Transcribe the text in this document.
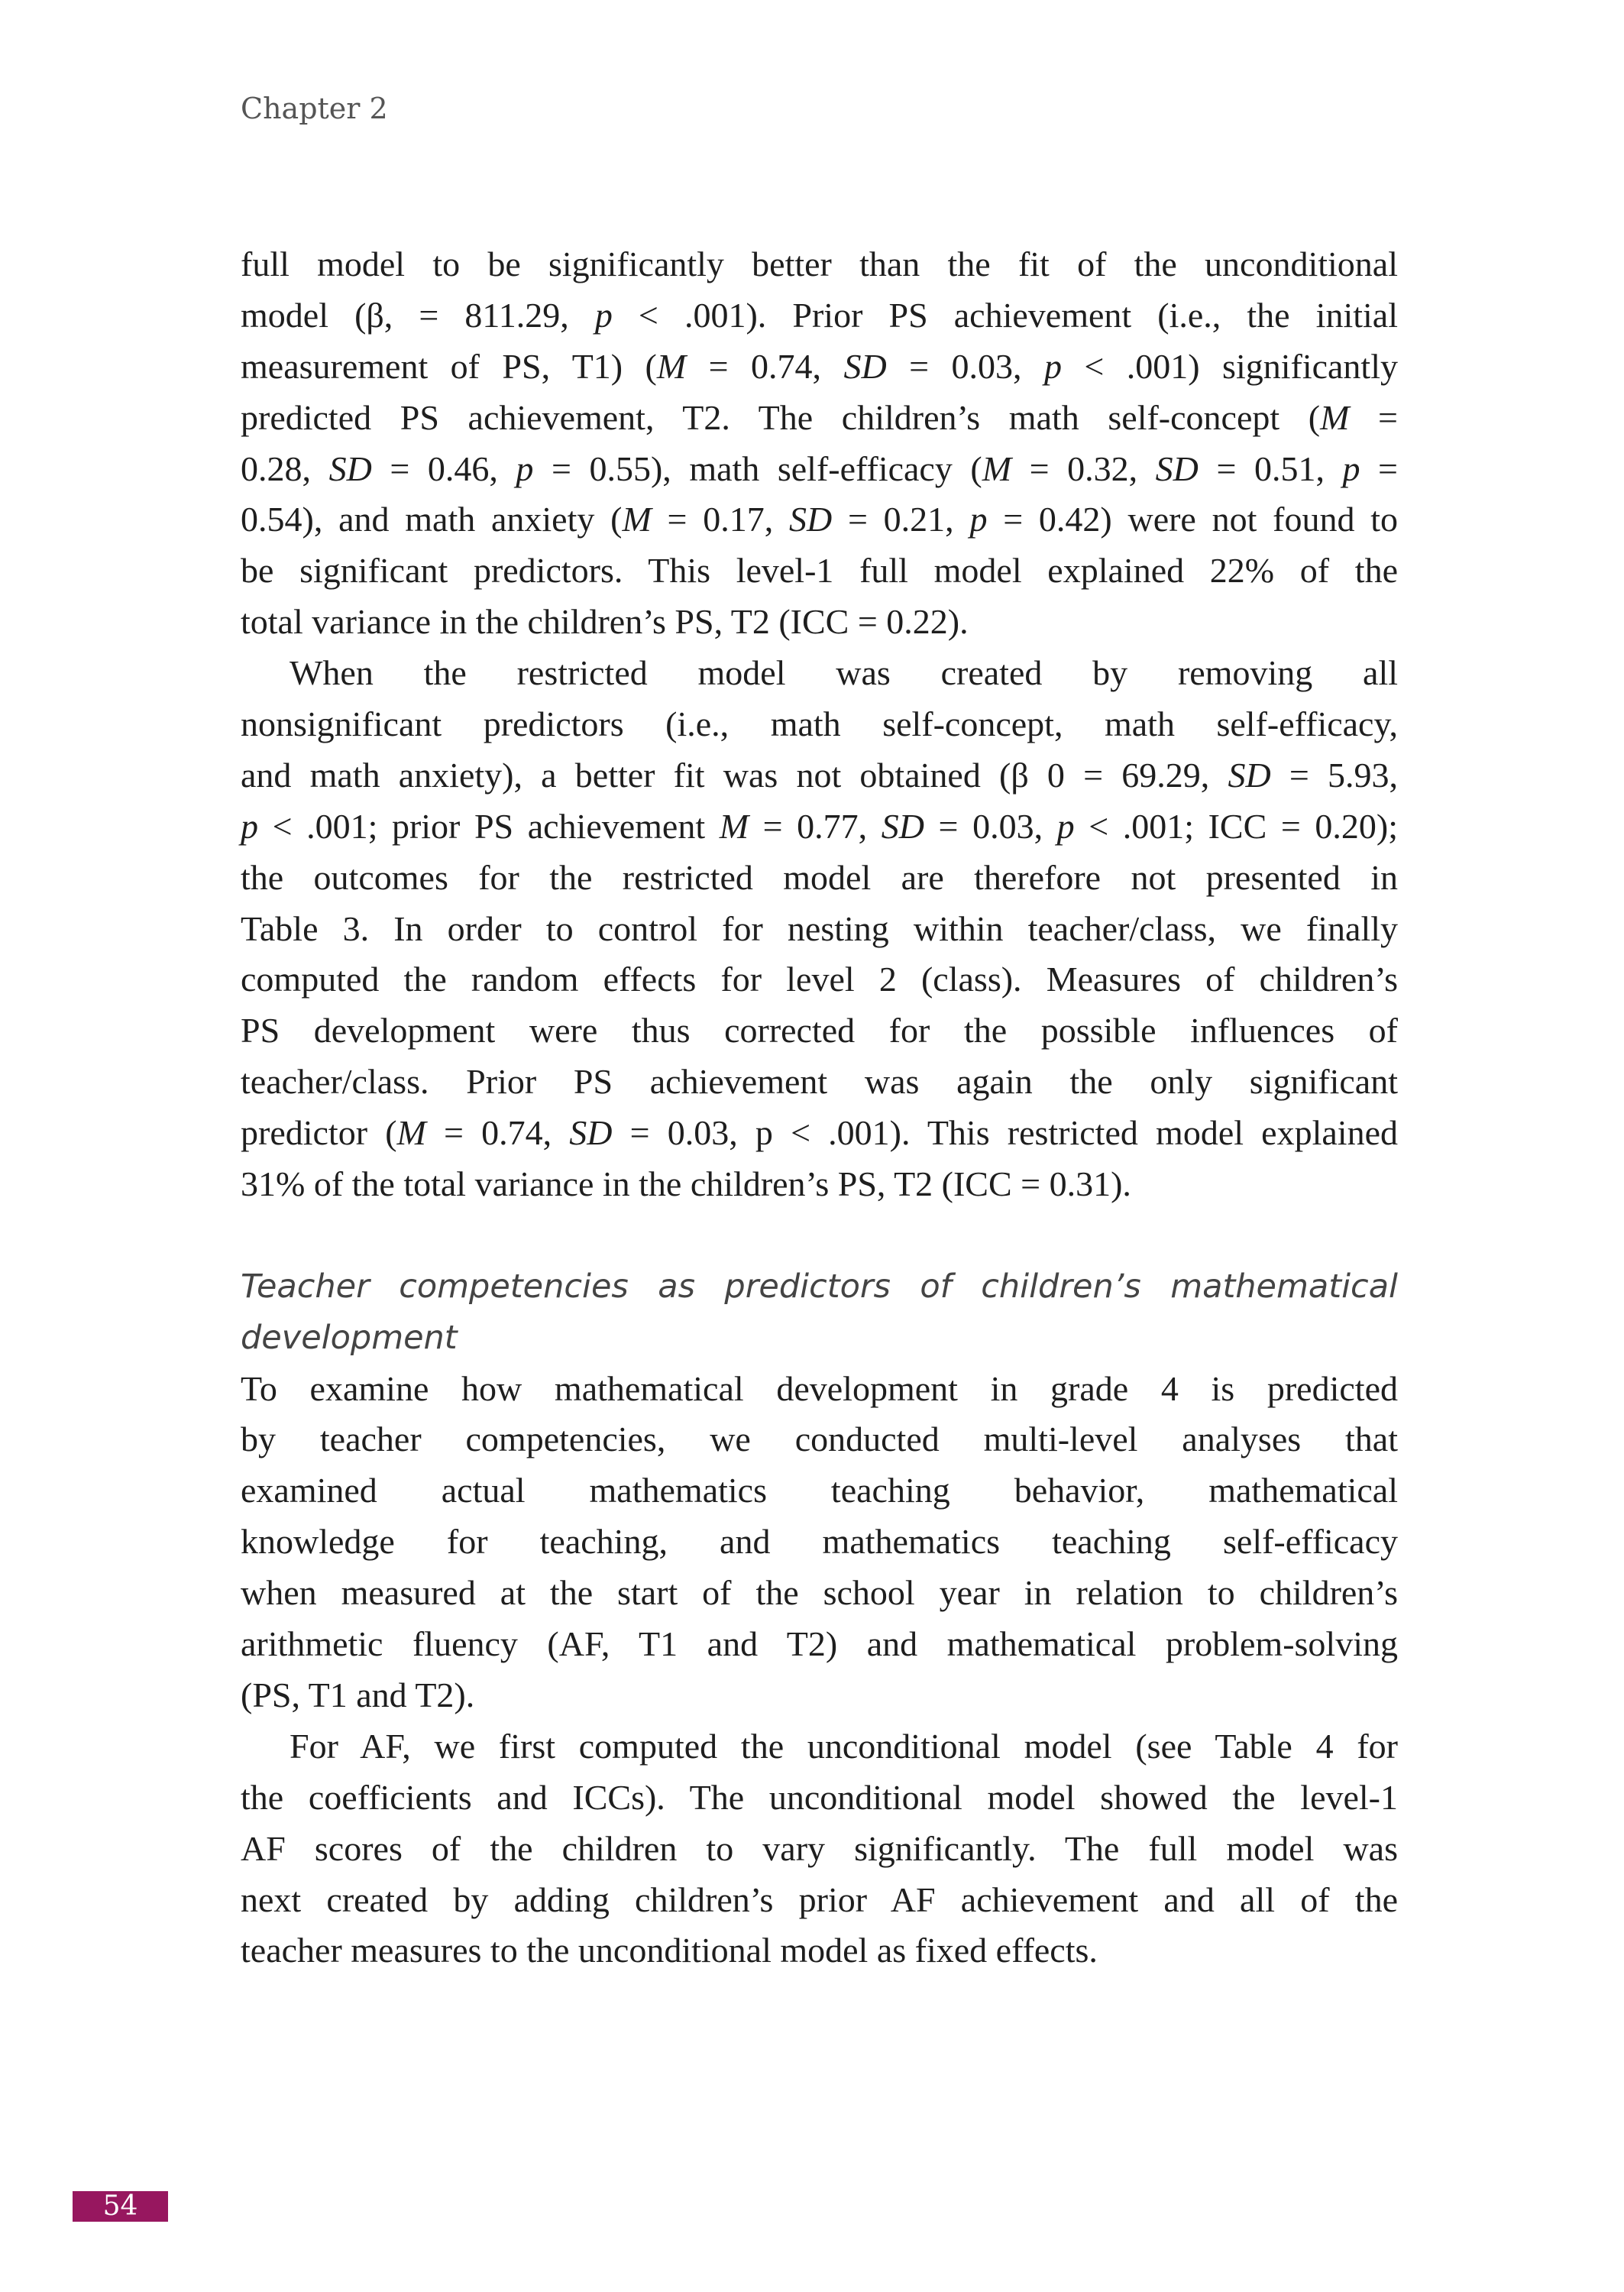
Chapter 2
full model to be significantly better than the fit of the unconditional
model (β, = 811.29, p < .001). Prior PS achievement (i.e., the initial
measurement of PS, T1) (M = 0.74, SD = 0.03, p < .001) significantly
predicted PS achievement, T2. The children’s math self-concept (M =
0.28, SD = 0.46, p = 0.55), math self-efficacy (M = 0.32, SD = 0.51, p =
0.54), and math anxiety (M = 0.17, SD = 0.21, p = 0.42) were not found to
be significant predictors. This level-1 full model explained 22% of the
total variance in the children’s PS, T2 (ICC = 0.22).
When the restricted model was created by removing all
nonsignificant predictors (i.e., math self-concept, math self-efficacy,
and math anxiety), a better fit was not obtained (β 0 = 69.29, SD = 5.93,
p < .001; prior PS achievement M = 0.77, SD = 0.03, p < .001; ICC = 0.20);
the outcomes for the restricted model are therefore not presented in
Table 3. In order to control for nesting within teacher/class, we finally
computed the random effects for level 2 (class). Measures of children’s
PS development were thus corrected for the possible influences of
teacher/class. Prior PS achievement was again the only significant
predictor (M = 0.74, SD = 0.03, p < .001). This restricted model explained
31% of the total variance in the children’s PS, T2 (ICC = 0.31).

Teacher competencies as predictors of children’s mathematical
development
To examine how mathematical development in grade 4 is predicted
by teacher competencies, we conducted multi-level analyses that
examined actual mathematics teaching behavior, mathematical
knowledge for teaching, and mathematics teaching self-efficacy
when measured at the start of the school year in relation to children’s
arithmetic fluency (AF, T1 and T2) and mathematical problem-solving
(PS, T1 and T2).
For AF, we first computed the unconditional model (see Table 4 for
the coefficients and ICCs). The unconditional model showed the level-1
AF scores of the children to vary significantly. The full model was
next created by adding children’s prior AF achievement and all of the
teacher measures to the unconditional model as fixed effects.
54
